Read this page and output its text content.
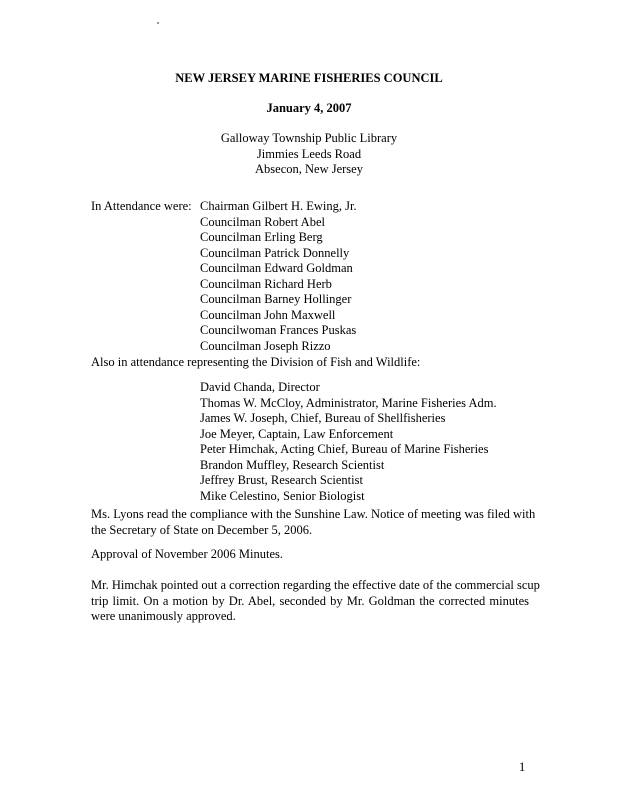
NEW JERSEY MARINE FISHERIES COUNCIL
January 4, 2007
Galloway Township Public Library
Jimmies Leeds Road
Absecon, New Jersey
In Attendance were: Chairman Gilbert H. Ewing, Jr.
Councilman Robert Abel
Councilman Erling Berg
Councilman Patrick Donnelly
Councilman Edward Goldman
Councilman Richard Herb
Councilman Barney Hollinger
Councilman John Maxwell
Councilwoman Frances Puskas
Councilman Joseph Rizzo
Also in attendance representing the Division of Fish and Wildlife:
David Chanda, Director
Thomas W. McCloy, Administrator, Marine Fisheries Adm.
James W. Joseph, Chief, Bureau of Shellfisheries
Joe Meyer, Captain, Law Enforcement
Peter Himchak, Acting Chief, Bureau of Marine Fisheries
Brandon Muffley, Research Scientist
Jeffrey Brust, Research Scientist
Mike Celestino, Senior Biologist
Ms. Lyons read the compliance with the Sunshine Law. Notice of meeting was filed with
the Secretary of State on December 5, 2006.
Approval of November 2006 Minutes.
Mr. Himchak pointed out a correction regarding the effective date of the commercial scup
trip limit. On a motion by Dr. Abel, seconded by Mr. Goldman the corrected minutes
were unanimously approved.
1
